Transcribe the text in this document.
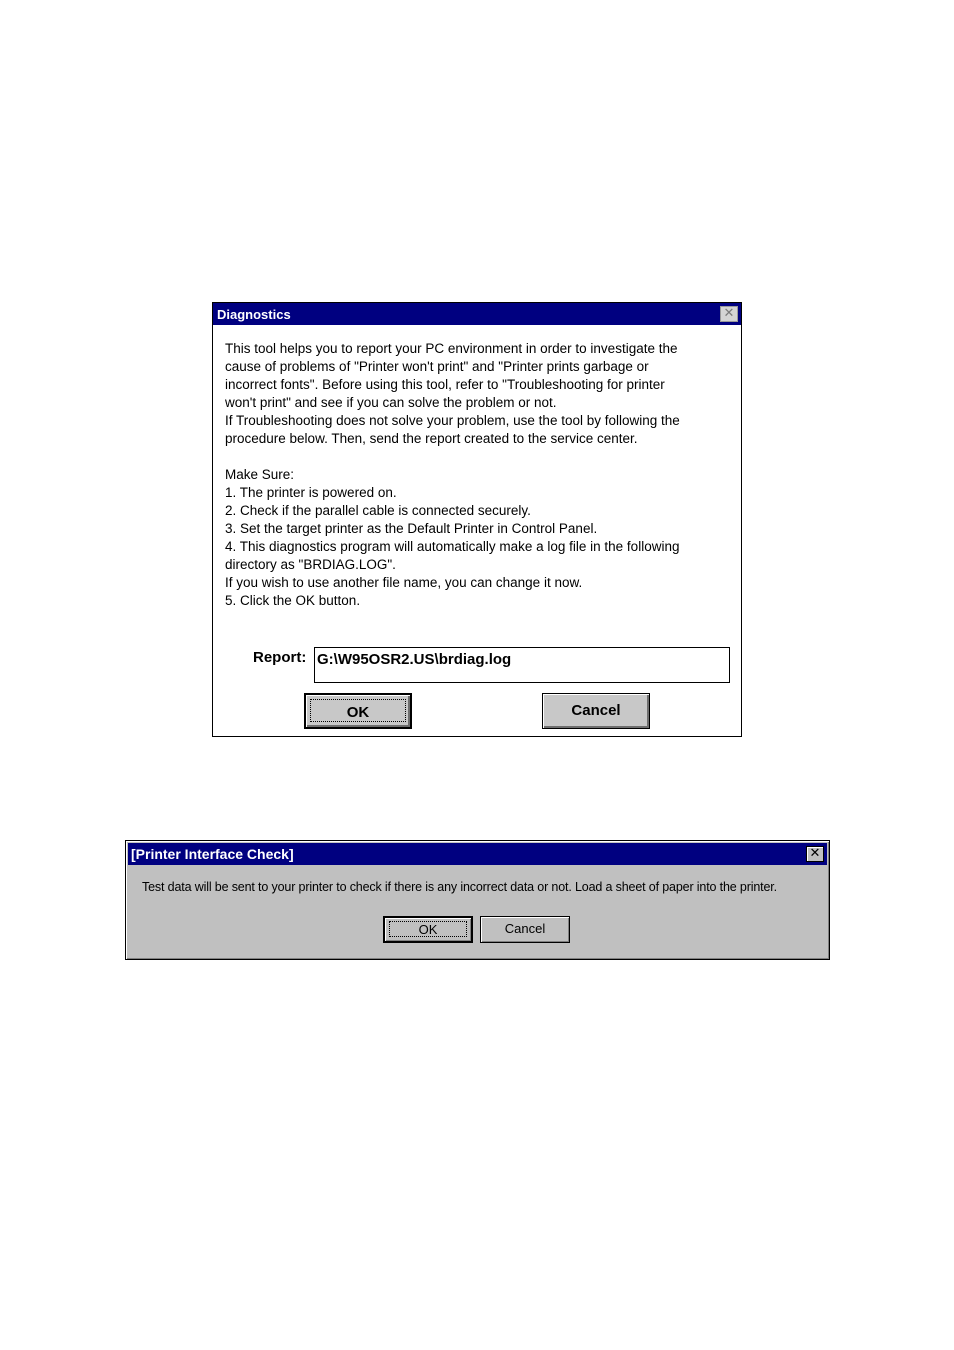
Diagnostics	✕
This tool helps you to report your PC environment in order to investigate the
cause of problems of "Printer won't print" and "Printer prints garbage or
incorrect fonts". Before using this tool, refer to "Troubleshooting for printer
won't print" and see if you can solve the problem or not.
If Troubleshooting does not solve your problem, use the tool by following the
procedure below. Then, send the report created to the service center.
Make Sure:
1. The printer is powered on.
2. Check if the parallel cable is connected securely.
3. Set the target printer as the Default Printer in Control Panel.
4. This diagnostics program will automatically make a log file in the following
directory as "BRDIAG.LOG".
If you wish to use another file name, you can change it now.
5. Click the OK button.
Report: G:\W95OSR2.US\brdiag.log
OK	Cancel
[Printer Interface Check]	✕
Test data will be sent to your printer to check if there is any incorrect data or not. Load a sheet of paper into the printer.
OK	Cancel
